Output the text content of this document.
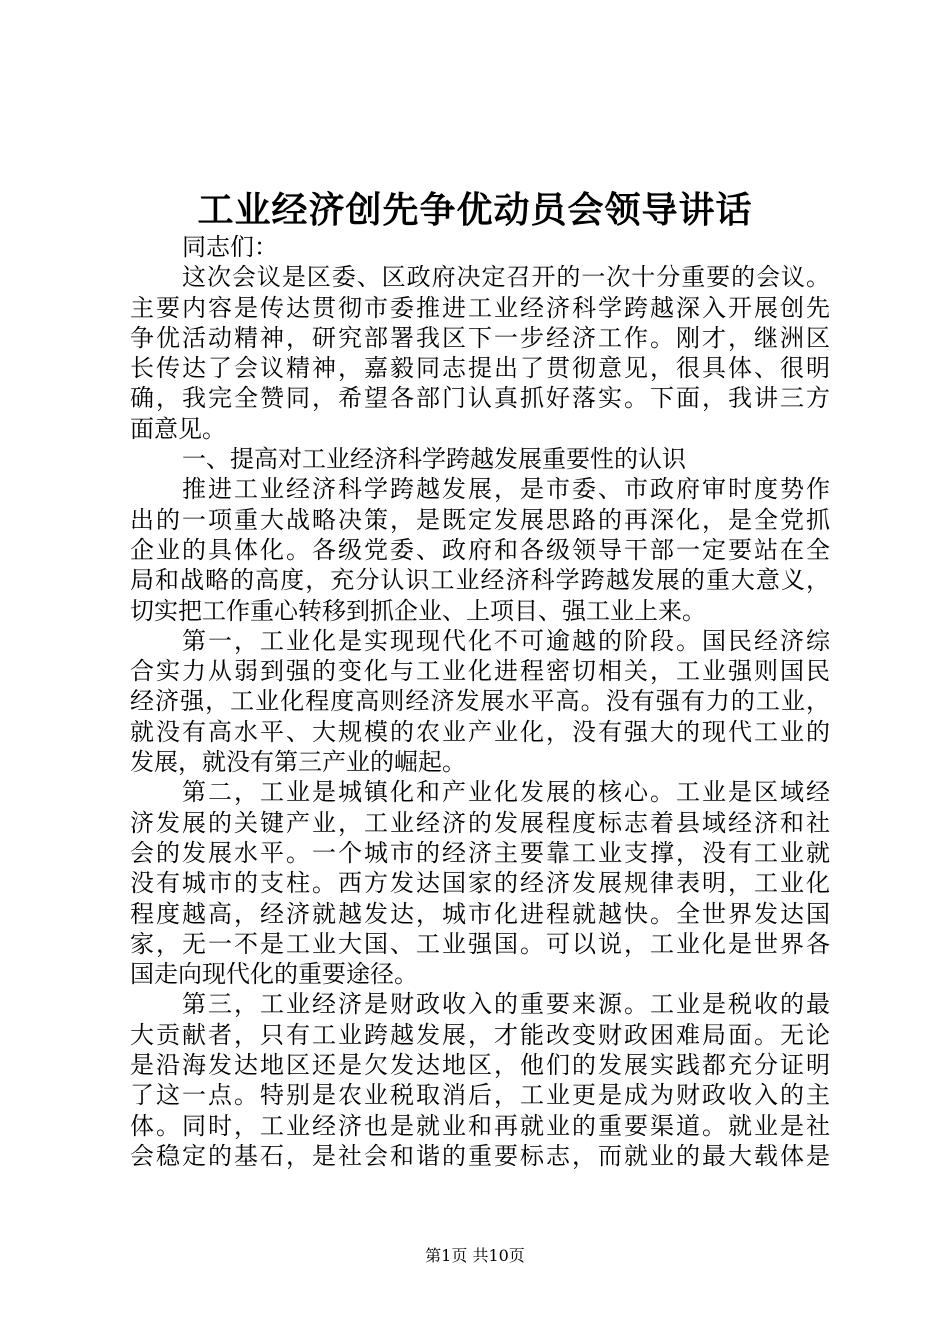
工业经济创先争优动员会领导讲话
同志们：
这次会议是区委、区政府决定召开的一次十分重要的会议。
主要内容是传达贯彻市委推进工业经济科学跨越深入开展创先
争优活动精神，研究部署我区下一步经济工作。刚才，继洲区
长传达了会议精神，嘉毅同志提出了贯彻意见，很具体、很明
确，我完全赞同，希望各部门认真抓好落实。下面，我讲三方
面意见。
一、提高对工业经济科学跨越发展重要性的认识
推进工业经济科学跨越发展，是市委、市政府审时度势作
出的一项重大战略决策，是既定发展思路的再深化，是全党抓
企业的具体化。各级党委、政府和各级领导干部一定要站在全
局和战略的高度，充分认识工业经济科学跨越发展的重大意义，
切实把工作重心转移到抓企业、上项目、强工业上来。
第一，工业化是实现现代化不可逾越的阶段。国民经济综
合实力从弱到强的变化与工业化进程密切相关，工业强则国民
经济强，工业化程度高则经济发展水平高。没有强有力的工业，
就没有高水平、大规模的农业产业化，没有强大的现代工业的
发展，就没有第三产业的崛起。
第二，工业是城镇化和产业化发展的核心。工业是区域经
济发展的关键产业，工业经济的发展程度标志着县域经济和社
会的发展水平。一个城市的经济主要靠工业支撑，没有工业就
没有城市的支柱。西方发达国家的经济发展规律表明，工业化
程度越高，经济就越发达，城市化进程就越快。全世界发达国
家，无一不是工业大国、工业强国。可以说，工业化是世界各
国走向现代化的重要途径。
第三，工业经济是财政收入的重要来源。工业是税收的最
大贡献者，只有工业跨越发展，才能改变财政困难局面。无论
是沿海发达地区还是欠发达地区，他们的发展实践都充分证明
了这一点。特别是农业税取消后，工业更是成为财政收入的主
体。同时，工业经济也是就业和再就业的重要渠道。就业是社
会稳定的基石，是社会和谐的重要标志，而就业的最大载体是
第1页 共10页
